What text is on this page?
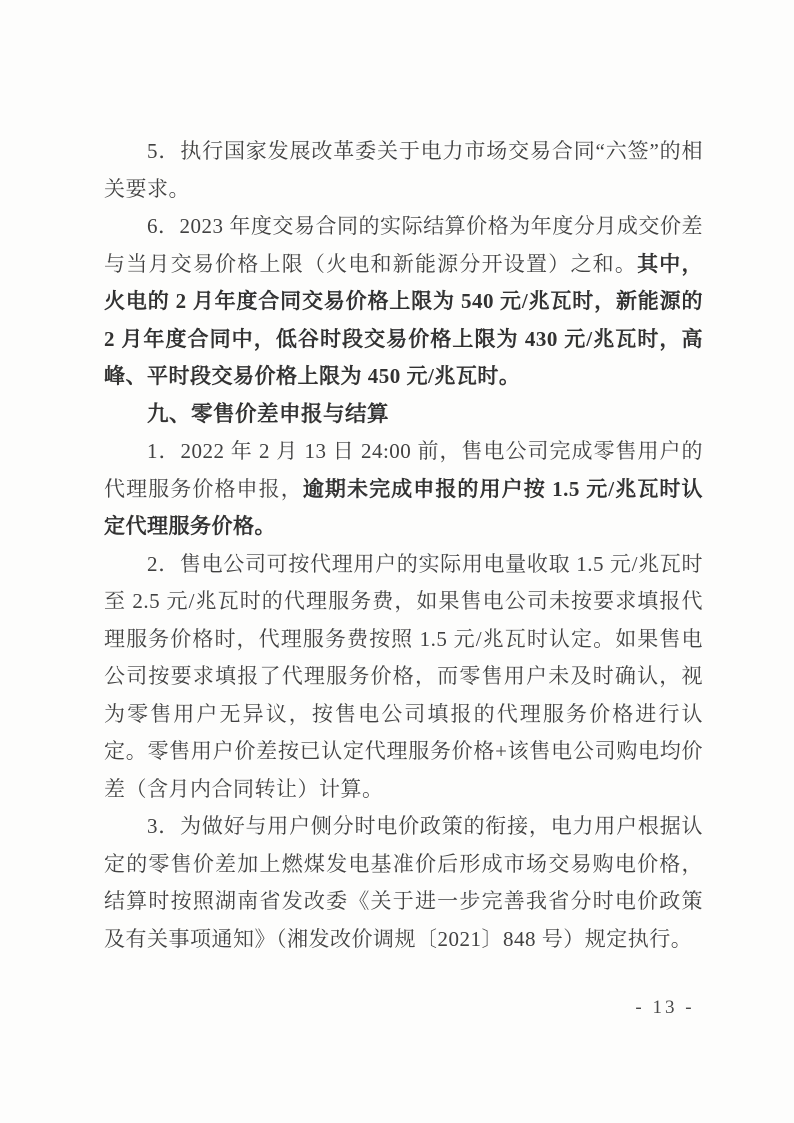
5．执行国家发展改革委关于电力市场交易合同“六签”的相关要求。

6．2023 年度交易合同的实际结算价格为年度分月成交价差与当月交易价格上限（火电和新能源分开设置）之和。其中，火电的 2 月年度合同交易价格上限为 540 元/兆瓦时，新能源的 2 月年度合同中，低谷时段交易价格上限为 430 元/兆瓦时，高峰、平时段交易价格上限为 450 元/兆瓦时。

九、零售价差申报与结算

1．2022 年 2 月 13 日 24:00 前，售电公司完成零售用户的代理服务价格申报，逾期未完成申报的用户按 1.5 元/兆瓦时认定代理服务价格。

2．售电公司可按代理用户的实际用电量收取 1.5 元/兆瓦时至 2.5 元/兆瓦时的代理服务费，如果售电公司未按要求填报代理服务价格时，代理服务费按照 1.5 元/兆瓦时认定。如果售电公司按要求填报了代理服务价格，而零售用户未及时确认，视为零售用户无异议，按售电公司填报的代理服务价格进行认定。零售用户价差按已认定代理服务价格+该售电公司购电均价差（含月内合同转让）计算。

3．为做好与用户侧分时电价政策的衔接，电力用户根据认定的零售价差加上燃煤发电基准价后形成市场交易购电价格，结算时按照湖南省发改委《关于进一步完善我省分时电价政策及有关事项通知》（湘发改价调规〔2021〕848 号）规定执行。

- 13 -
